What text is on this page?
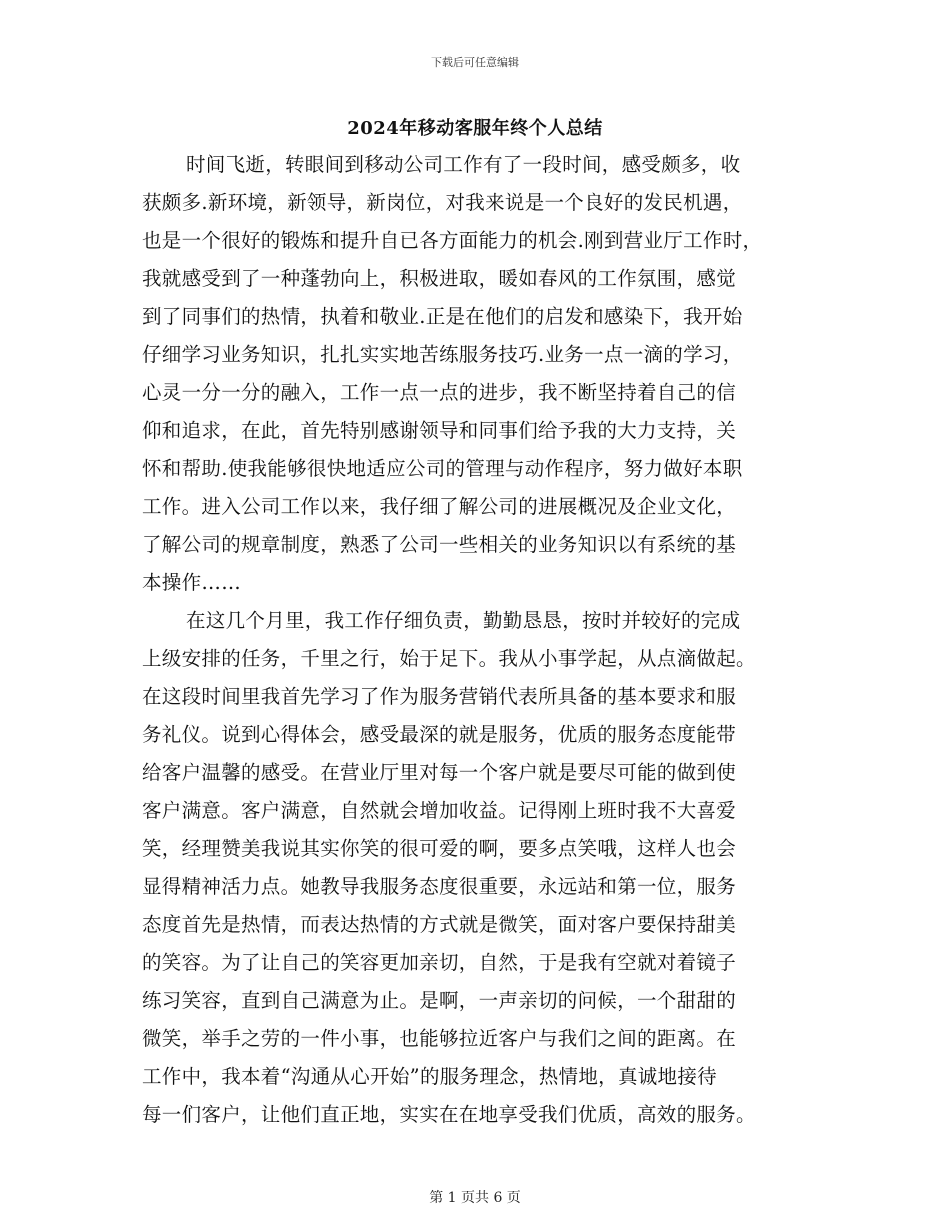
下载后可任意编辑
2024年移动客服年终个人总结
时间飞逝，转眼间到移动公司工作有了一段时间，感受颇多，收
获颇多.新环境，新领导，新岗位，对我来说是一个良好的发民机遇，
也是一个很好的锻炼和提升自已各方面能力的机会.刚到营业厅工作时，
我就感受到了一种蓬勃向上，积极进取，暖如春风的工作氛围，感觉
到了同事们的热情，执着和敬业.正是在他们的启发和感染下，我开始
仔细学习业务知识，扎扎实实地苦练服务技巧.业务一点一滴的学习，
心灵一分一分的融入，工作一点一点的进步，我不断坚持着自己的信
仰和追求，在此，首先特别感谢领导和同事们给予我的大力支持，关
怀和帮助.使我能够很快地适应公司的管理与动作程序，努力做好本职
工作。进入公司工作以来，我仔细了解公司的进展概况及企业文化，
了解公司的规章制度，熟悉了公司一些相关的业务知识以有系统的基
本操作……
在这几个月里，我工作仔细负责，勤勤恳恳，按时并较好的完成
上级安排的任务，千里之行，始于足下。我从小事学起，从点滴做起。
在这段时间里我首先学习了作为服务营销代表所具备的基本要求和服
务礼仪。说到心得体会，感受最深的就是服务，优质的服务态度能带
给客户温馨的感受。在营业厅里对每一个客户就是要尽可能的做到使
客户满意。客户满意，自然就会增加收益。记得刚上班时我不大喜爱
笑，经理赞美我说其实你笑的很可爱的啊，要多点笑哦，这样人也会
显得精神活力点。她教导我服务态度很重要，永远站和第一位，服务
态度首先是热情，而表达热情的方式就是微笑，面对客户要保持甜美
的笑容。为了让自己的笑容更加亲切，自然，于是我有空就对着镜子
练习笑容，直到自己满意为止。是啊，一声亲切的问候，一个甜甜的
微笑，举手之劳的一件小事，也能够拉近客户与我们之间的距离。在
工作中，我本着“沟通从心开始”的服务理念，热情地，真诚地接待
每一们客户，让他们直正地，实实在在地享受我们优质，高效的服务。
第 1 页共 6 页
